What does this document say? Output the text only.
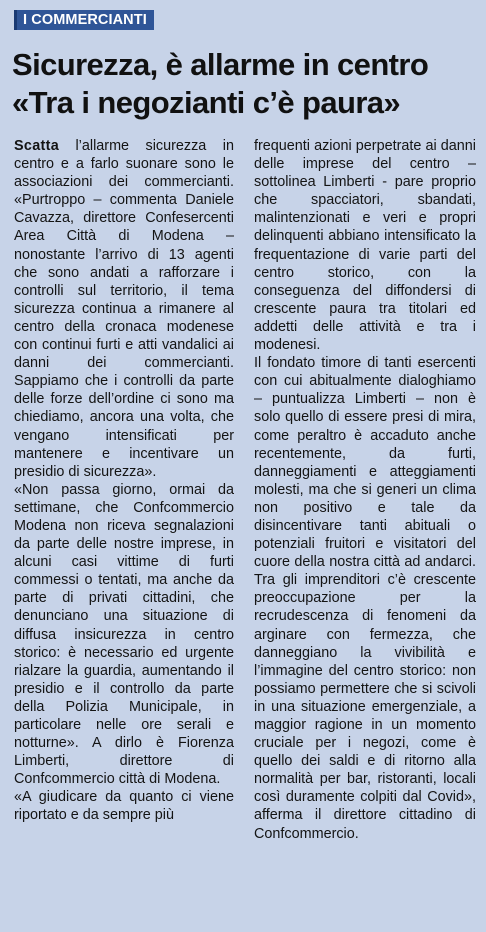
I COMMERCIANTI
Sicurezza, è allarme in centro
«Tra i negozianti c’è paura»

Scatta l’allarme sicurezza in centro e a farlo suonare sono le associazioni dei commercianti. «Purtroppo – commenta Daniele Cavazza, direttore Confesercenti Area Città di Modena – nonostante l’arrivo di 13 agenti che sono andati a rafforzare i controlli sul territorio, il tema sicurezza continua a rimanere al centro della cronaca modenese con continui furti e atti vandalici ai danni dei commercianti. Sappiamo che i controlli da parte delle forze dell’ordine ci sono ma chiediamo, ancora una volta, che vengano intensificati per mantenere e incentivare un presidio di sicurezza».

«Non passa giorno, ormai da settimane, che Confcommercio Modena non riceva segnalazioni da parte delle nostre imprese, in alcuni casi vittime di furti commessi o tentati, ma anche da parte di privati cittadini, che denunciano una situazione di diffusa insicurezza in centro storico: è necessario ed urgente rialzare la guardia, aumentando il presidio e il controllo da parte della Polizia Municipale, in particolare nelle ore serali e notturne». A dirlo è Fiorenza Limberti, direttore di Confcommercio città di Modena.

«A giudicare da quanto ci viene riportato e da sempre più

frequenti azioni perpetrate ai danni delle imprese del centro – sottolinea Limberti - pare proprio che spacciatori, sbandati, malintenzionati e veri e propri delinquenti abbiano intensificato la frequentazione di varie parti del centro storico, con la conseguenza del diffondersi di crescente paura tra titolari ed addetti delle attività e tra i modenesi.

Il fondato timore di tanti esercenti con cui abitualmente dialoghiamo – puntualizza Limberti – non è solo quello di essere presi di mira, come peraltro è accaduto anche recentemente, da furti, danneggiamenti e atteggiamenti molesti, ma che si generi un clima non positivo e tale da disincentivare tanti abituali o potenziali fruitori e visitatori del cuore della nostra città ad andarci. Tra gli imprenditori c’è crescente preoccupazione per la recrudescenza di fenomeni da arginare con fermezza, che danneggiano la vivibilità e l’immagine del centro storico: non possiamo permettere che si scivoli in una situazione emergenziale, a maggior ragione in un momento cruciale per i negozi, come è quello dei saldi e di ritorno alla normalità per bar, ristoranti, locali così duramente colpiti dal Covid», afferma il direttore cittadino di Confcommercio.
